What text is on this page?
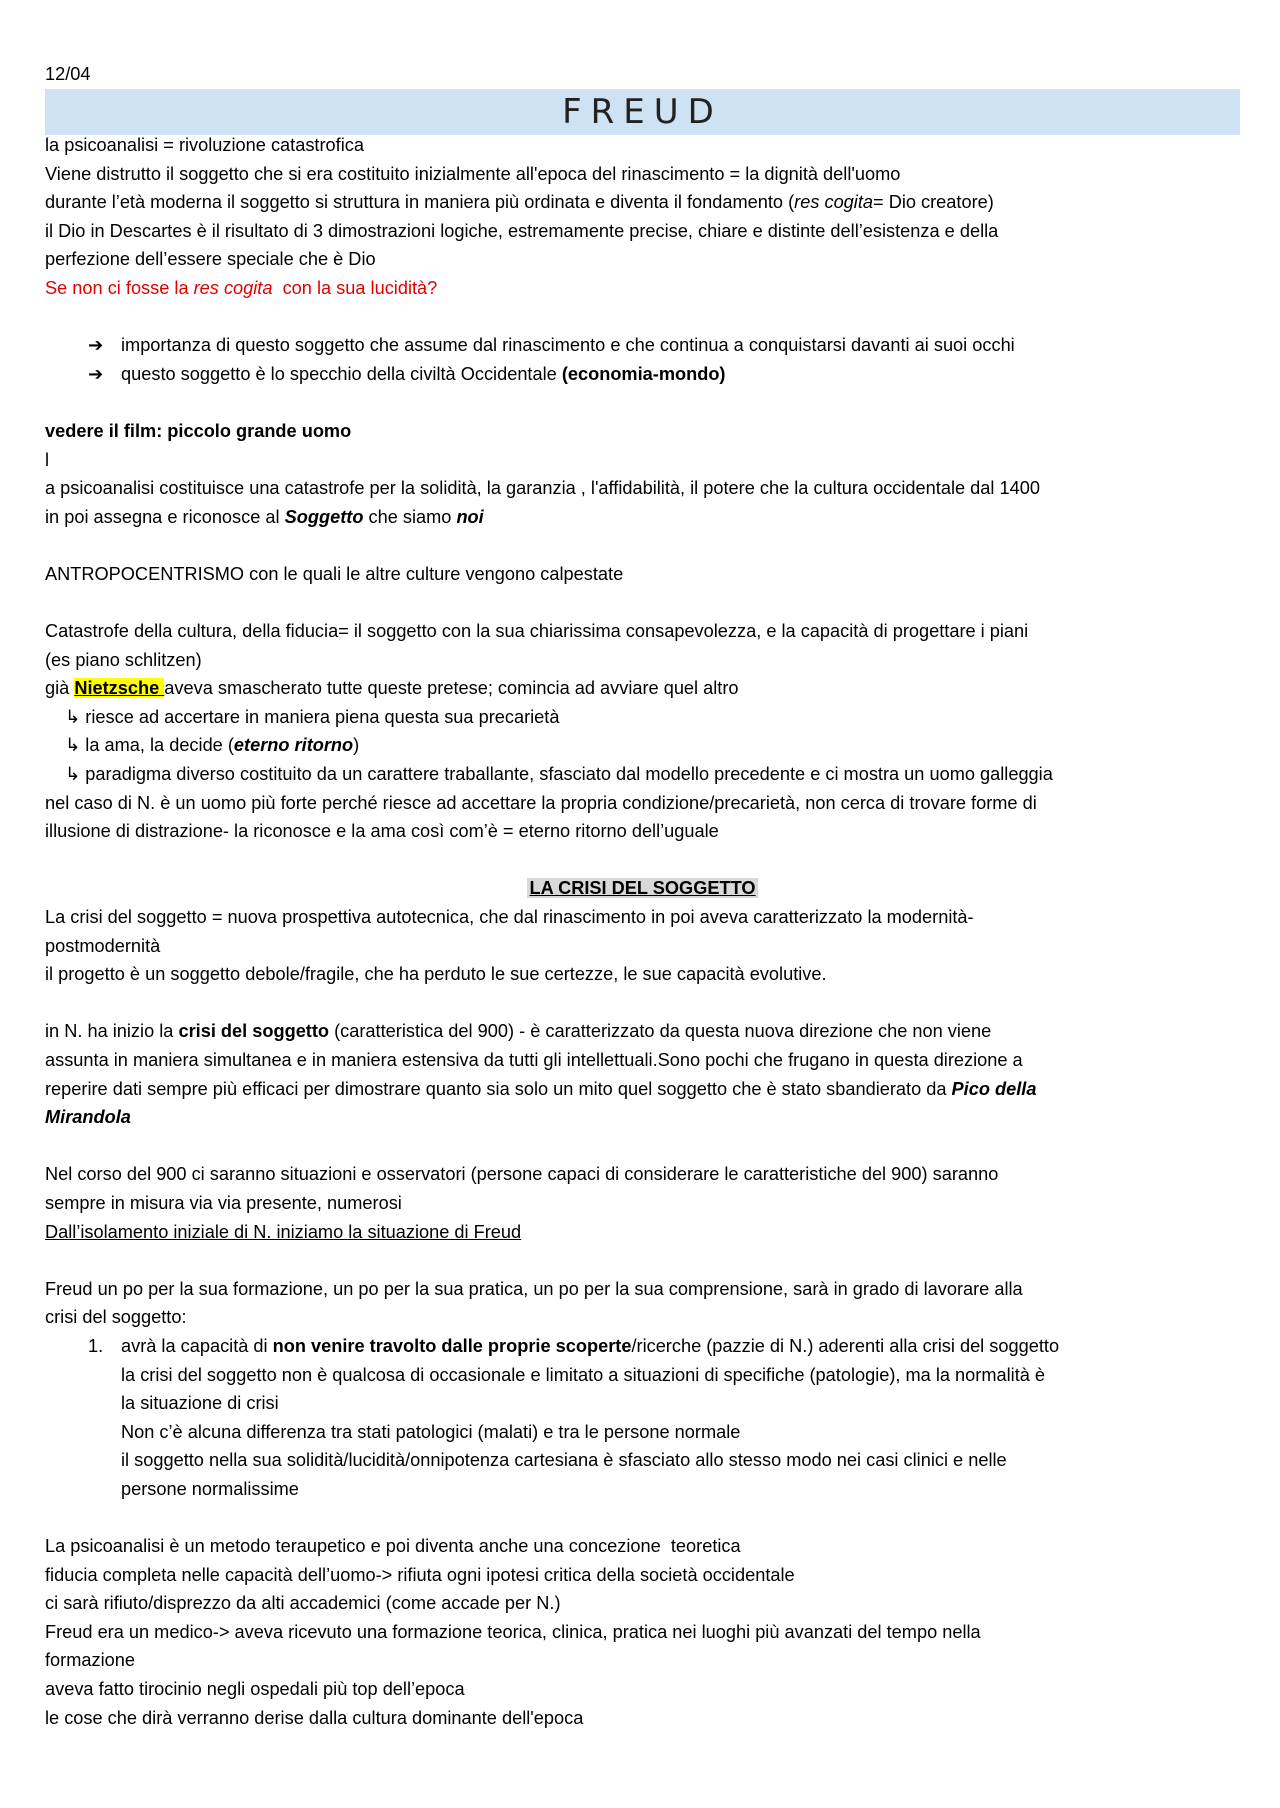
12/04
FREUD
la psicoanalisi = rivoluzione catastrofica
Viene distrutto il soggetto che si era costituito inizialmente all'epoca del rinascimento = la dignità dell'uomo
durante l’età moderna il soggetto si struttura in maniera più ordinata e diventa il fondamento (res cogita= Dio creatore)
il Dio in Descartes è il risultato di 3 dimostrazioni logiche, estremamente precise, chiare e distinte dell’esistenza e della
perfezione dell’essere speciale che è Dio
Se non ci fosse la res cogita  con la sua lucidità?
➔ importanza di questo soggetto che assume dal rinascimento e che continua a conquistarsi davanti ai suoi occhi
➔ questo soggetto è lo specchio della civiltà Occidentale (economia-mondo)
vedere il film: piccolo grande uomo
l
a psicoanalisi costituisce una catastrofe per la solidità, la garanzia , l'affidabilità, il potere che la cultura occidentale dal 1400
in poi assegna e riconosce al Soggetto che siamo noi
ANTROPOCENTRISMO con le quali le altre culture vengono calpestate
Catastrofe della cultura, della fiducia= il soggetto con la sua chiarissima consapevolezza, e la capacità di progettare i piani
(es piano schlitzen)
già Nietzsche aveva smascherato tutte queste pretese; comincia ad avviare quel altro
↳ riesce ad accertare in maniera piena questa sua precarietà
↳ la ama, la decide (eterno ritorno)
↳ paradigma diverso costituito da un carattere traballante, sfasciato dal modello precedente e ci mostra un uomo galleggia
nel caso di N. è un uomo più forte perché riesce ad accettare la propria condizione/precarietà, non cerca di trovare forme di
illusione di distrazione- la riconosce e la ama così com’è = eterno ritorno dell’uguale
LA CRISI DEL SOGGETTO
La crisi del soggetto = nuova prospettiva autotecnica, che dal rinascimento in poi aveva caratterizzato la modernità-
postmodernità
il progetto è un soggetto debole/fragile, che ha perduto le sue certezze, le sue capacità evolutive.
in N. ha inizio la crisi del soggetto (caratteristica del 900) - è caratterizzato da questa nuova direzione che non viene
assunta in maniera simultanea e in maniera estensiva da tutti gli intellettuali.Sono pochi che frugano in questa direzione a
reperire dati sempre più efficaci per dimostrare quanto sia solo un mito quel soggetto che è stato sbandierato da Pico della
Mirandola
Nel corso del 900 ci saranno situazioni e osservatori (persone capaci di considerare le caratteristiche del 900) saranno
sempre in misura via via presente, numerosi
Dall’isolamento iniziale di N. iniziamo la situazione di Freud
Freud un po per la sua formazione, un po per la sua pratica, un po per la sua comprensione, sarà in grado di lavorare alla
crisi del soggetto:
1. avrà la capacità di non venire travolto dalle proprie scoperte/ricerche (pazzie di N.) aderenti alla crisi del soggetto
la crisi del soggetto non è qualcosa di occasionale e limitato a situazioni di specifiche (patologie), ma la normalità è
la situazione di crisi
Non c’è alcuna differenza tra stati patologici (malati) e tra le persone normale
il soggetto nella sua solidità/lucidità/onnipotenza cartesiana è sfasciato allo stesso modo nei casi clinici e nelle
persone normalissime
La psicoanalisi è un metodo teraupetico e poi diventa anche una concezione  teoretica
fiducia completa nelle capacità dell’uomo-> rifiuta ogni ipotesi critica della società occidentale
ci sarà rifiuto/disprezzo da alti accademici (come accade per N.)
Freud era un medico-> aveva ricevuto una formazione teorica, clinica, pratica nei luoghi più avanzati del tempo nella
formazione
aveva fatto tirocinio negli ospedali più top dell’epoca
le cose che dirà verranno derise dalla cultura dominante dell'epoca
